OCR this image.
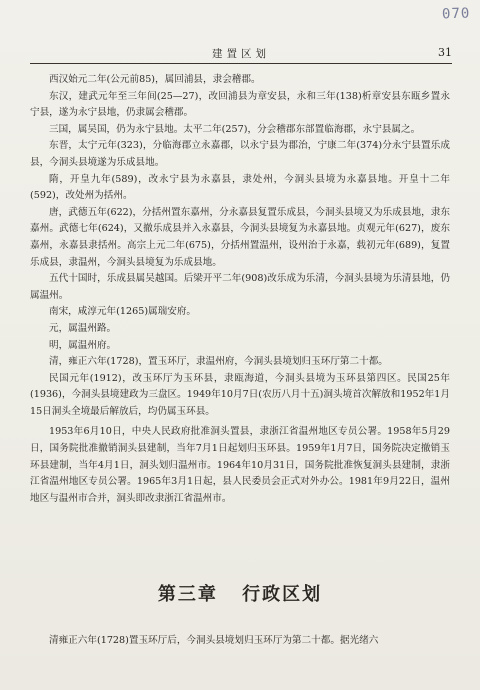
070
建置区划	31

西汉始元二年(公元前85)，属回浦县，隶会稽郡。

东汉，建武元年至三年间(25—27)，改回浦县为章安县，永和三年(138)析章安县东瓯乡置永宁县，遂为永宁县地，仍隶属会稽郡。

三国，属吴国，仍为永宁县地。太平二年(257)，分会稽郡东部置临海郡，永宁县属之。

东晋，太宁元年(323)，分临海郡立永嘉郡，以永宁县为郡治，宁康二年(374)分永宁县置乐成县，今洞头县境遂为乐成县地。

隋，开皇九年(589)，改永宁县为永嘉县，隶处州，今洞头县境为永嘉县地。开皇十二年(592)，改处州为括州。

唐，武德五年(622)，分括州置东嘉州，分永嘉县复置乐成县，今洞头县境又为乐成县地，隶东嘉州。武德七年(624)，又撤乐成县并入永嘉县，今洞头县境复为永嘉县地。贞观元年(627)，废东嘉州，永嘉县隶括州。高宗上元二年(675)，分括州置温州，设州治于永嘉，载初元年(689)，复置乐成县，隶温州，今洞头县境复为乐成县地。

五代十国时，乐成县属吴越国。后梁开平二年(908)改乐成为乐清，今洞头县境为乐清县地，仍属温州。

南宋，咸淳元年(1265)属瑞安府。

元，属温州路。

明，属温州府。

清，雍正六年(1728)，置玉环厅，隶温州府，今洞头县境划归玉环厅第二十都。

民国元年(1912)，改玉环厅为玉环县，隶瓯海道，今洞头县境为玉环县第四区。民国25年(1936)，今洞头县境建政为三盘区。1949年10月7日(农历八月十五)洞头境首次解放和1952年1月15日洞头全境最后解放后，均仍属玉环县。

1953年6月10日，中央人民政府批准洞头置县，隶浙江省温州地区专员公署。1958年5月29日，国务院批准撤销洞头县建制，当年7月1日起划归玉环县。1959年1月7日，国务院决定撤销玉环县建制，当年4月1日，洞头划归温州市。1964年10月31日，国务院批准恢复洞头县建制，隶浙江省温州地区专员公署。1965年3月1日起，县人民委员会正式对外办公。1981年9月22日，温州地区与温州市合并，洞头即改隶浙江省温州市。

第三章 行政区划

清雍正六年(1728)置玉环厅后，今洞头县境划归玉环厅为第二十都。据光绪六
